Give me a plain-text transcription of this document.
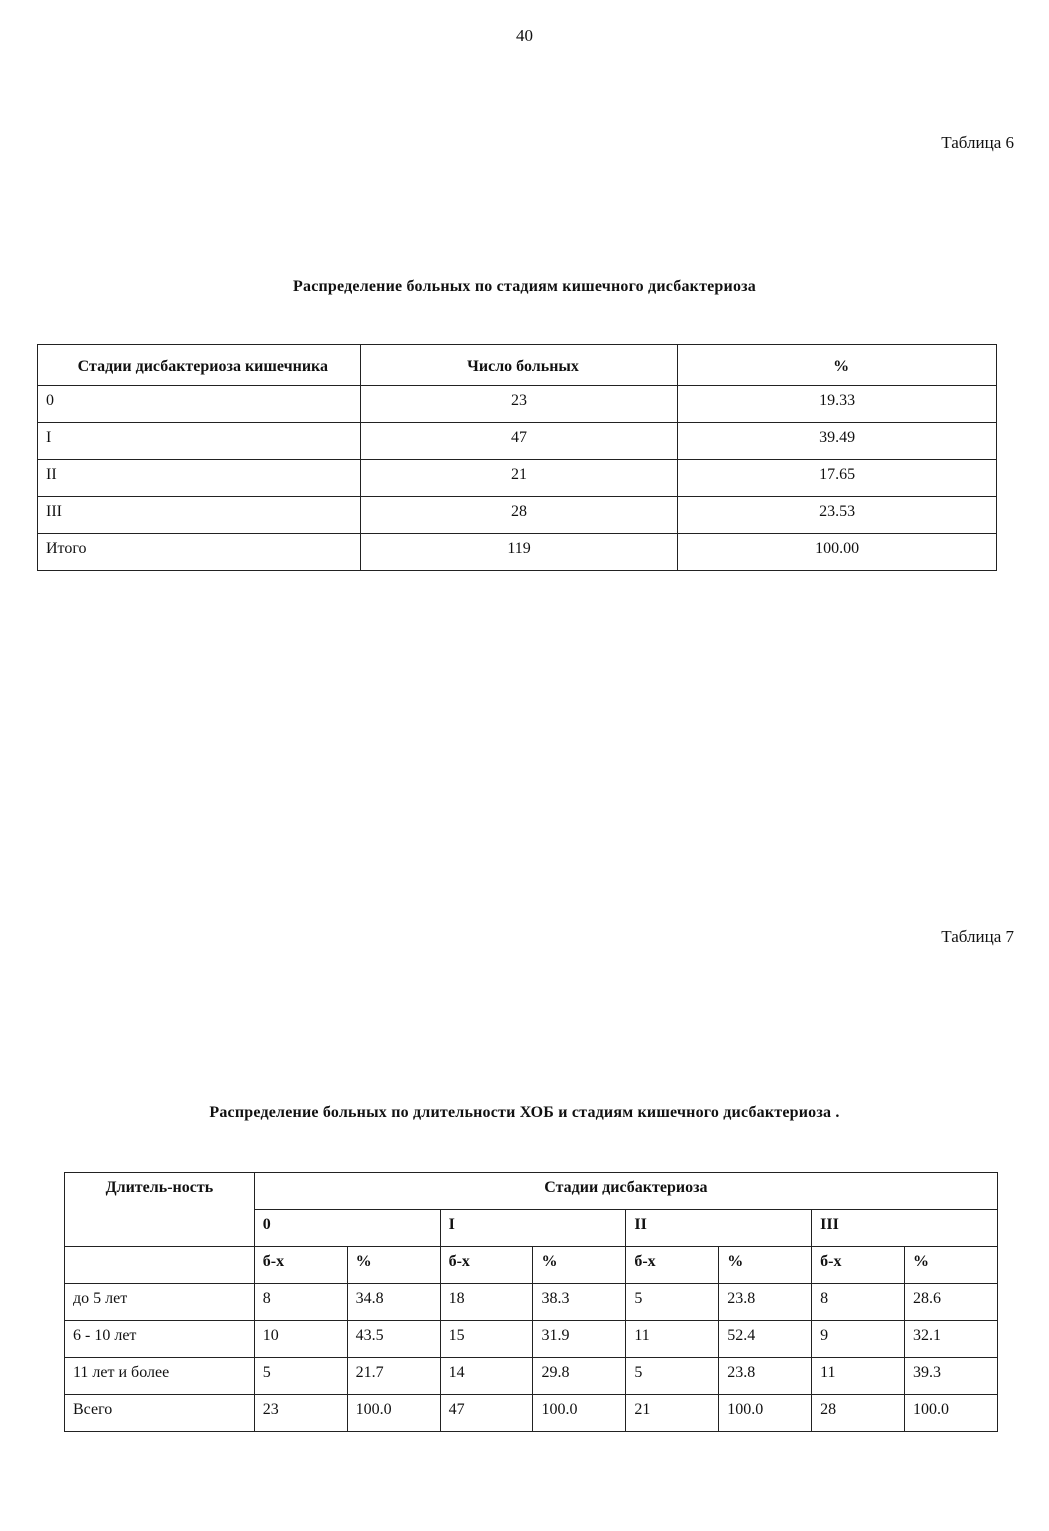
40
Таблица 6
Распределение больных по стадиям кишечного дисбактериоза
Стадии дисбактериоза кишечника	Число больных	%
0	23	19.33
I	47	39.49
II	21	17.65
III	28	23.53
Итого	119	100.00
Таблица 7
Распределение больных по длительности ХОБ и стадиям кишечного дисбактериоза .
Длитель-ность	Стадии дисбактериоза							
	0		I		II		III	
	б-х	%	б-х	%	б-х	%	б-х	%
до 5 лет	8	34.8	18	38.3	5	23.8	8	28.6
6 - 10 лет	10	43.5	15	31.9	11	52.4	9	32.1
11 лет и более	5	21.7	14	29.8	5	23.8	11	39.3
Всего	23	100.0	47	100.0	21	100.0	28	100.0
